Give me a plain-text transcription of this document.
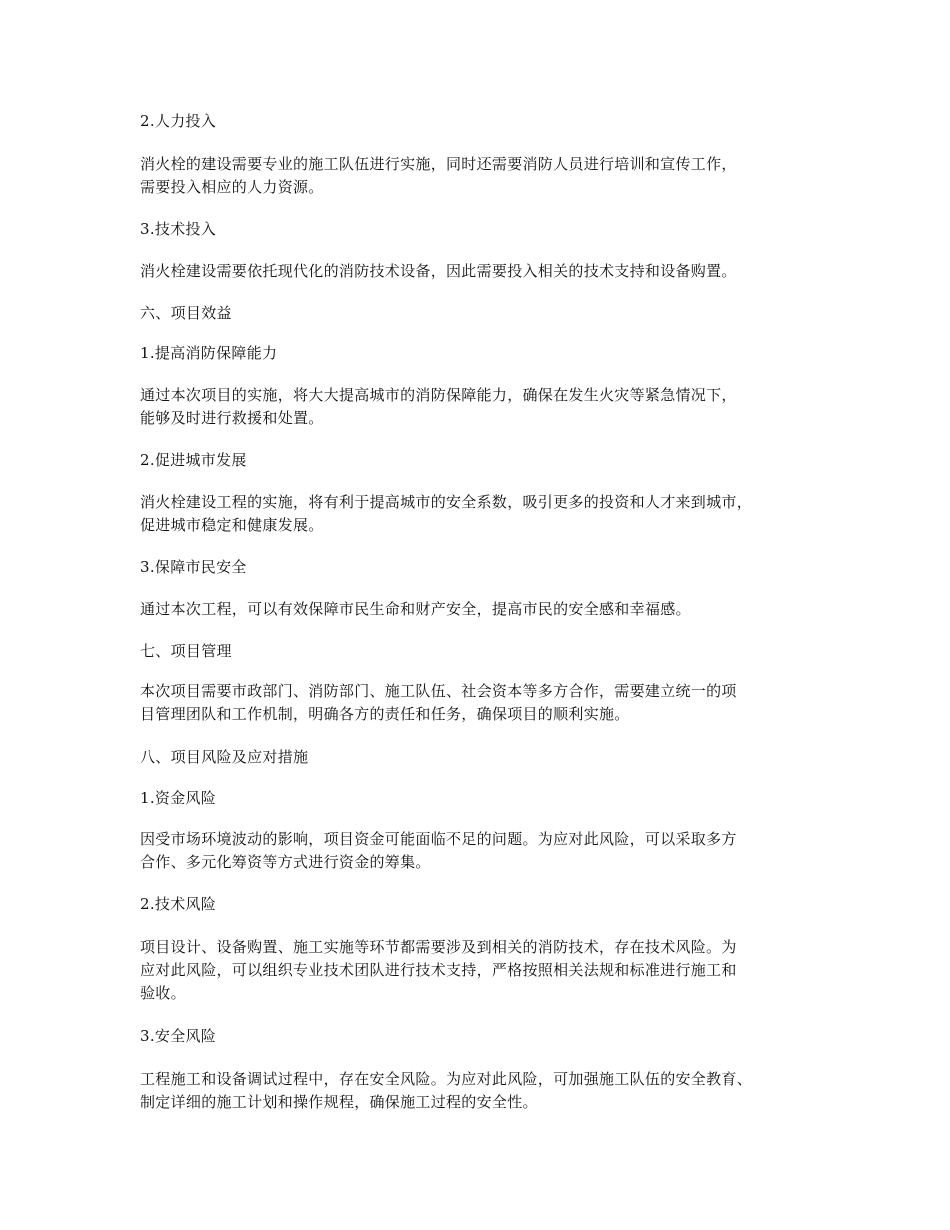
2.人力投入
消火栓的建设需要专业的施工队伍进行实施，同时还需要消防人员进行培训和宣传工作，
需要投入相应的人力资源。
3.技术投入
消火栓建设需要依托现代化的消防技术设备，因此需要投入相关的技术支持和设备购置。
六、项目效益
1.提高消防保障能力
通过本次项目的实施，将大大提高城市的消防保障能力，确保在发生火灾等紧急情况下，
能够及时进行救援和处置。
2.促进城市发展
消火栓建设工程的实施，将有利于提高城市的安全系数，吸引更多的投资和人才来到城市，
促进城市稳定和健康发展。
3.保障市民安全
通过本次工程，可以有效保障市民生命和财产安全，提高市民的安全感和幸福感。
七、项目管理
本次项目需要市政部门、消防部门、施工队伍、社会资本等多方合作，需要建立统一的项
目管理团队和工作机制，明确各方的责任和任务，确保项目的顺利实施。
八、项目风险及应对措施
1.资金风险
因受市场环境波动的影响，项目资金可能面临不足的问题。为应对此风险，可以采取多方
合作、多元化筹资等方式进行资金的筹集。
2.技术风险
项目设计、设备购置、施工实施等环节都需要涉及到相关的消防技术，存在技术风险。为
应对此风险，可以组织专业技术团队进行技术支持，严格按照相关法规和标准进行施工和
验收。
3.安全风险
工程施工和设备调试过程中，存在安全风险。为应对此风险，可加强施工队伍的安全教育、
制定详细的施工计划和操作规程，确保施工过程的安全性。
